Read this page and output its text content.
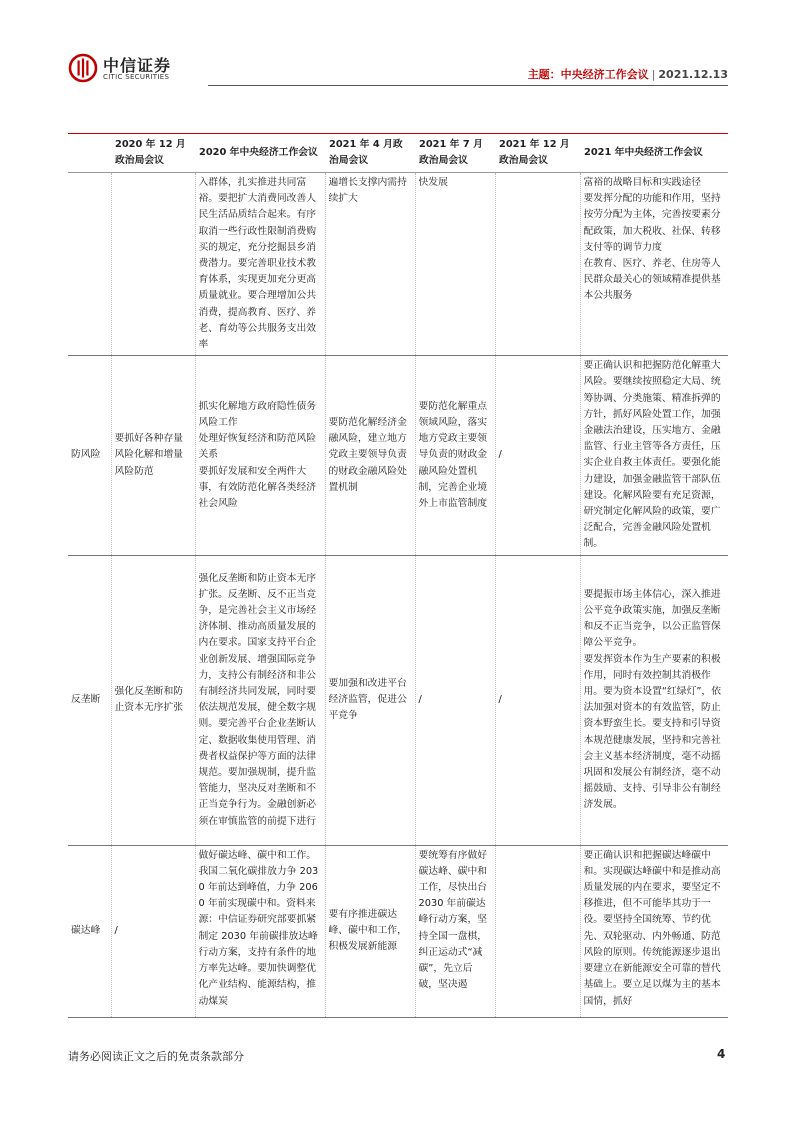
中信证券
CITIC SECURITIES	主题：中央经济工作会议 | 2021.12.13
	2020 年 12 月政治局会议	2020 年中央经济工作会议	2021 年 4 月政治局会议	2021 年 7 月政治局会议	2021 年 12 月政治局会议	2021 年中央经济工作会议
		入群体，扎实推进共同富裕。要把扩大消费同改善人民生活品质结合起来。有序取消一些行政性限制消费购买的规定，充分挖掘县乡消费潜力。要完善职业技术教育体系，实现更加充分更高质量就业。要合理增加公共消费，提高教育、医疗、养老、育幼等公共服务支出效率	遍增长支撑内需持续扩大	快发展		富裕的战略目标和实践途径
要发挥分配的功能和作用，坚持按劳分配为主体，完善按要素分配政策，加大税收、社保、转移支付等的调节力度
在教育、医疗、养老、住房等人民群众最关心的领域精准提供基本公共服务
防风险	要抓好各种存量风险化解和增量风险防范	抓实化解地方政府隐性债务风险工作
处理好恢复经济和防范风险关系
要抓好发展和安全两件大事，有效防范化解各类经济社会风险	要防范化解经济金融风险，建立地方党政主要领导负责的财政金融风险处置机制	要防范化解重点领域风险，落实地方党政主要领导负责的财政金融风险处置机制，完善企业境外上市监管制度	/	要正确认识和把握防范化解重大风险。要继续按照稳定大局、统筹协调、分类施策、精准拆弹的方针，抓好风险处置工作，加强金融法治建设，压实地方、金融监管、行业主管等各方责任，压实企业自救主体责任。要强化能力建设，加强金融监管干部队伍建设。化解风险要有充足资源，研究制定化解风险的政策，要广泛配合，完善金融风险处置机制。
反垄断	强化反垄断和防止资本无序扩张	强化反垄断和防止资本无序扩张。反垄断、反不正当竞争，是完善社会主义市场经济体制、推动高质量发展的内在要求。国家支持平台企业创新发展、增强国际竞争力，支持公有制经济和非公有制经济共同发展，同时要依法规范发展，健全数字规则。要完善平台企业垄断认定、数据收集使用管理、消费者权益保护等方面的法律规范。要加强规制，提升监管能力，坚决反对垄断和不正当竞争行为。金融创新必须在审慎监管的前提下进行	要加强和改进平台经济监管，促进公平竞争	/	/	要提振市场主体信心，深入推进公平竞争政策实施，加强反垄断和反不正当竞争，以公正监管保障公平竞争。
要发挥资本作为生产要素的积极作用，同时有效控制其消极作用。要为资本设置“红绿灯”，依法加强对资本的有效监管，防止资本野蛮生长。要支持和引导资本规范健康发展，坚持和完善社会主义基本经济制度，毫不动摇巩固和发展公有制经济，毫不动摇鼓励、支持、引导非公有制经济发展。
碳达峰	/	做好碳达峰、碳中和工作。我国二氧化碳排放力争 2030 年前达到峰值，力争 2060 年前实现碳中和。资料来源：中信证券研究部要抓紧制定 2030 年前碳排放达峰行动方案，支持有条件的地方率先达峰。要加快调整优化产业结构、能源结构，推动煤炭	要有序推进碳达峰、碳中和工作，积极发展新能源	要统筹有序做好碳达峰、碳中和工作，尽快出台 2030 年前碳达峰行动方案，坚持全国一盘棋，纠正运动式“减碳”，先立后破，坚决遏		要正确认识和把握碳达峰碳中和。实现碳达峰碳中和是推动高质量发展的内在要求，要坚定不移推进，但不可能毕其功于一役。要坚持全国统筹、节约优先、双轮驱动、内外畅通、防范风险的原则。传统能源逐步退出要建立在新能源安全可靠的替代基础上。要立足以煤为主的基本国情，抓好
请务必阅读正文之后的免责条款部分	4
